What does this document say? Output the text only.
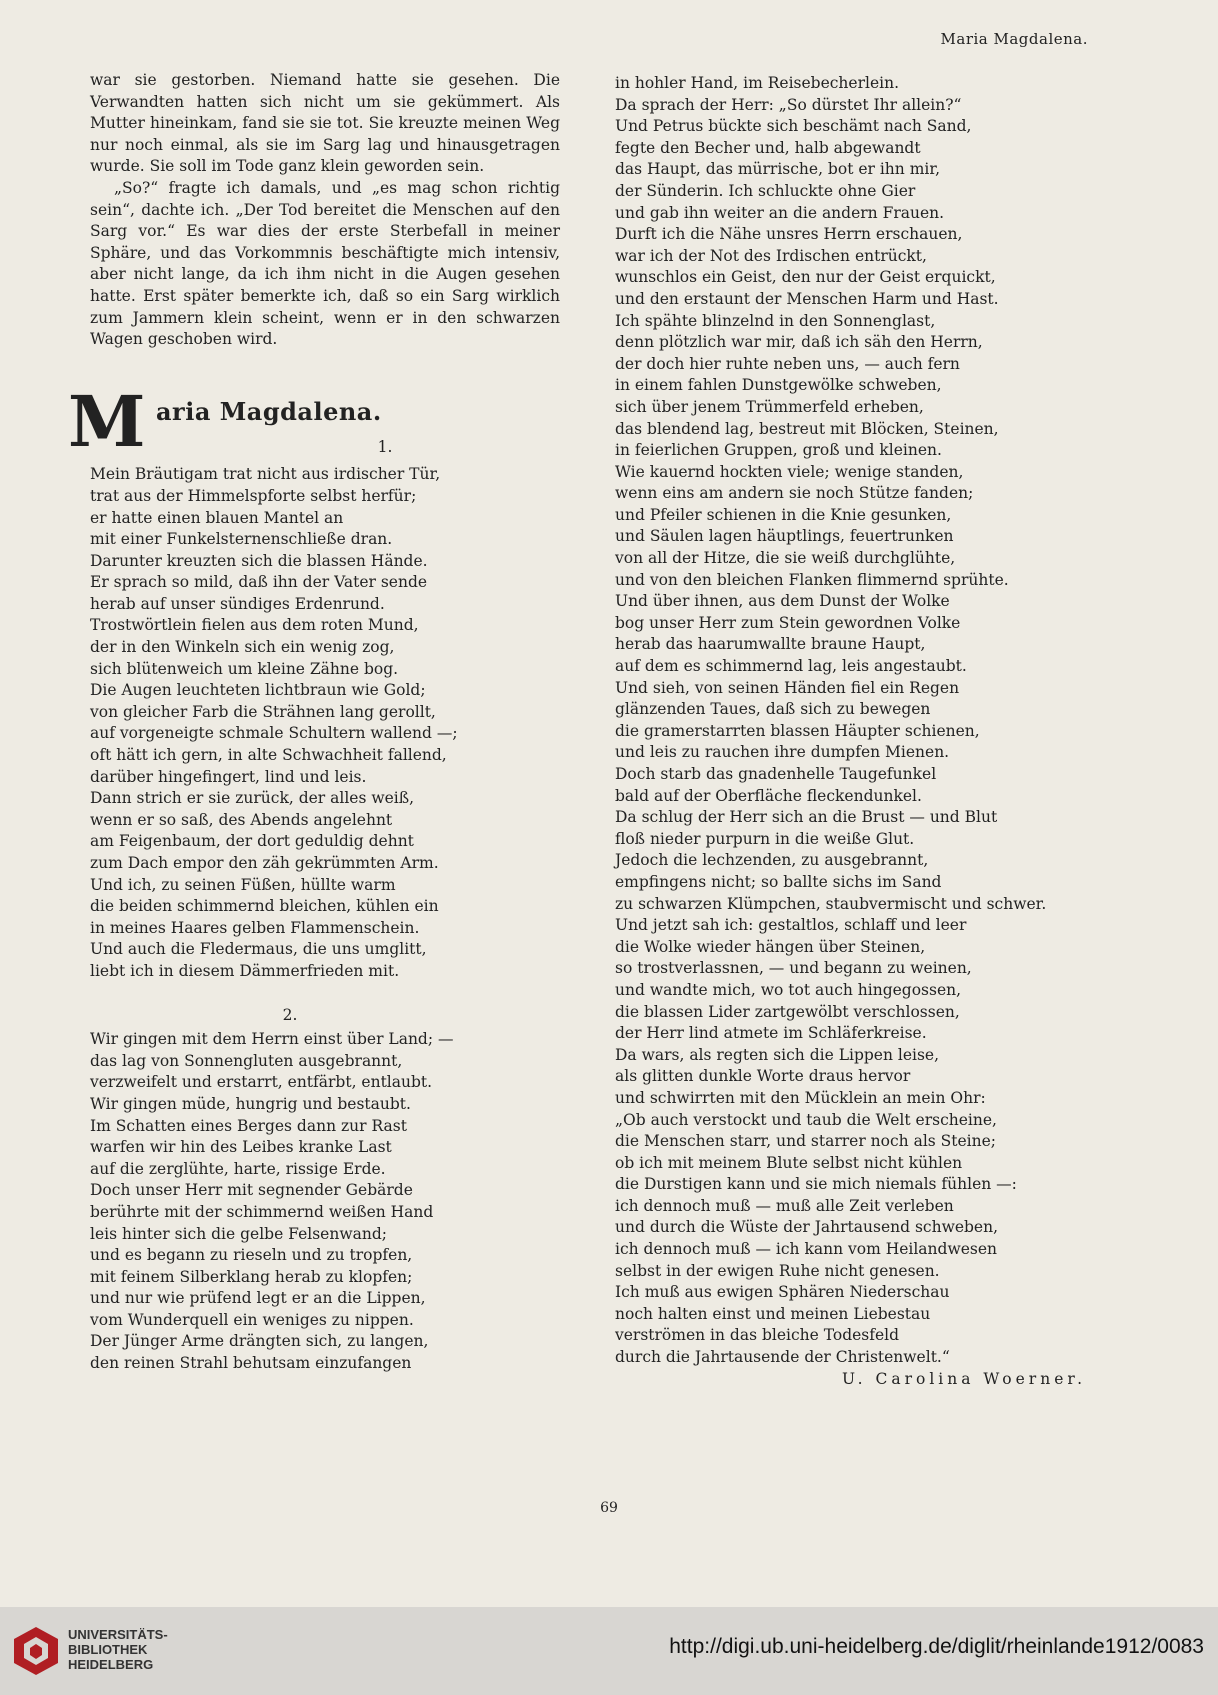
Maria Magdalena.

war sie gestorben. Niemand hatte sie gesehen. Die Verwandten hatten sich nicht um sie gekümmert. Als Mutter hineinkam, fand sie sie tot. Sie kreuzte meinen Weg nur noch einmal, als sie im Sarg lag und hinausgetragen wurde. Sie soll im Tode ganz klein geworden sein.

„So?“ fragte ich damals, und „es mag schon richtig sein“, dachte ich. „Der Tod bereitet die Menschen auf den Sarg vor.“ Es war dies der erste Sterbefall in meiner Sphäre, und das Vorkommnis beschäftigte mich intensiv, aber nicht lange, da ich ihm nicht in die Augen gesehen hatte. Erst später bemerkte ich, daß so ein Sarg wirklich zum Jammern klein scheint, wenn er in den schwarzen Wagen geschoben wird.

M aria Magdalena.

1.

Mein Bräutigam trat nicht aus irdischer Tür,
trat aus der Himmelspforte selbst herfür;
er hatte einen blauen Mantel an
mit einer Funkelsternenschließe dran.
Darunter kreuzten sich die blassen Hände.
Er sprach so mild, daß ihn der Vater sende
herab auf unser sündiges Erdenrund.
Trostwörtlein fielen aus dem roten Mund,
der in den Winkeln sich ein wenig zog,
sich blütenweich um kleine Zähne bog.
Die Augen leuchteten lichtbraun wie Gold;
von gleicher Farb die Strähnen lang gerollt,
auf vorgeneigte schmale Schultern wallend —;
oft hätt ich gern, in alte Schwachheit fallend,
darüber hingefingert, lind und leis.
Dann strich er sie zurück, der alles weiß,
wenn er so saß, des Abends angelehnt
am Feigenbaum, der dort geduldig dehnt
zum Dach empor den zäh gekrümmten Arm.
Und ich, zu seinen Füßen, hüllte warm
die beiden schimmernd bleichen, kühlen ein
in meines Haares gelben Flammenschein.
Und auch die Fledermaus, die uns umglitt,
liebt ich in diesem Dämmerfrieden mit.

2.

Wir gingen mit dem Herrn einst über Land; —
das lag von Sonnengluten ausgebrannt,
verzweifelt und erstarrt, entfärbt, entlaubt.
Wir gingen müde, hungrig und bestaubt.
Im Schatten eines Berges dann zur Rast
warfen wir hin des Leibes kranke Last
auf die zerglühte, harte, rissige Erde.
Doch unser Herr mit segnender Gebärde
berührte mit der schimmernd weißen Hand
leis hinter sich die gelbe Felsenwand;
und es begann zu rieseln und zu tropfen,
mit feinem Silberklang herab zu klopfen;
und nur wie prüfend legt er an die Lippen,
vom Wunderquell ein weniges zu nippen.
Der Jünger Arme drängten sich, zu langen,
den reinen Strahl behutsam einzufangen
in hohler Hand, im Reisebecherlein.
Da sprach der Herr: „So dürstet Ihr allein?“
Und Petrus bückte sich beschämt nach Sand,
fegte den Becher und, halb abgewandt
das Haupt, das mürrische, bot er ihn mir,
der Sünderin. Ich schluckte ohne Gier
und gab ihn weiter an die andern Frauen.
Durft ich die Nähe unsres Herrn erschauen,
war ich der Not des Irdischen entrückt,
wunschlos ein Geist, den nur der Geist erquickt,
und den erstaunt der Menschen Harm und Hast.
Ich spähte blinzelnd in den Sonnenglast,
denn plötzlich war mir, daß ich säh den Herrn,
der doch hier ruhte neben uns, — auch fern
in einem fahlen Dunstgewölke schweben,
sich über jenem Trümmerfeld erheben,
das blendend lag, bestreut mit Blöcken, Steinen,
in feierlichen Gruppen, groß und kleinen.
Wie kauernd hockten viele; wenige standen,
wenn eins am andern sie noch Stütze fanden;
und Pfeiler schienen in die Knie gesunken,
und Säulen lagen häuptlings, feuertrunken
von all der Hitze, die sie weiß durchglühte,
und von den bleichen Flanken flimmernd sprühte.
Und über ihnen, aus dem Dunst der Wolke
bog unser Herr zum Stein gewordnen Volke
herab das haarumwallte braune Haupt,
auf dem es schimmernd lag, leis angestaubt.
Und sieh, von seinen Händen fiel ein Regen
glänzenden Taues, daß sich zu bewegen
die gramerstarrten blassen Häupter schienen,
und leis zu rauchen ihre dumpfen Mienen.
Doch starb das gnadenhelle Taugefunkel
bald auf der Oberfläche fleckendunkel.
Da schlug der Herr sich an die Brust — und Blut
floß nieder purpurn in die weiße Glut.
Jedoch die lechzenden, zu ausgebrannt,
empfingens nicht; so ballte sichs im Sand
zu schwarzen Klümpchen, staubvermischt und schwer.
Und jetzt sah ich: gestaltlos, schlaff und leer
die Wolke wieder hängen über Steinen,
so trostverlassnen, — und begann zu weinen,
und wandte mich, wo tot auch hingegossen,
die blassen Lider zartgewölbt verschlossen,
der Herr lind atmete im Schläferkreise.
Da wars, als regten sich die Lippen leise,
als glitten dunkle Worte draus hervor
und schwirrten mit den Mücklein an mein Ohr:
„Ob auch verstockt und taub die Welt erscheine,
die Menschen starr, und starrer noch als Steine;
ob ich mit meinem Blute selbst nicht kühlen
die Durstigen kann und sie mich niemals fühlen —:
ich dennoch muß — muß alle Zeit verleben
und durch die Wüste der Jahrtausend schweben,
ich dennoch muß — ich kann vom Heilandwesen
selbst in der ewigen Ruhe nicht genesen.
Ich muß aus ewigen Sphären Niederschau
noch halten einst und meinen Liebestau
verströmen in das bleiche Todesfeld
durch die Jahrtausende der Christenwelt.“
U. Carolina Woerner.
69
UNIVERSITÄTS-
BIBLIOTHEK
HEIDELBERG
http://digi.ub.uni-heidelberg.de/diglit/rheinlande1912/0083
